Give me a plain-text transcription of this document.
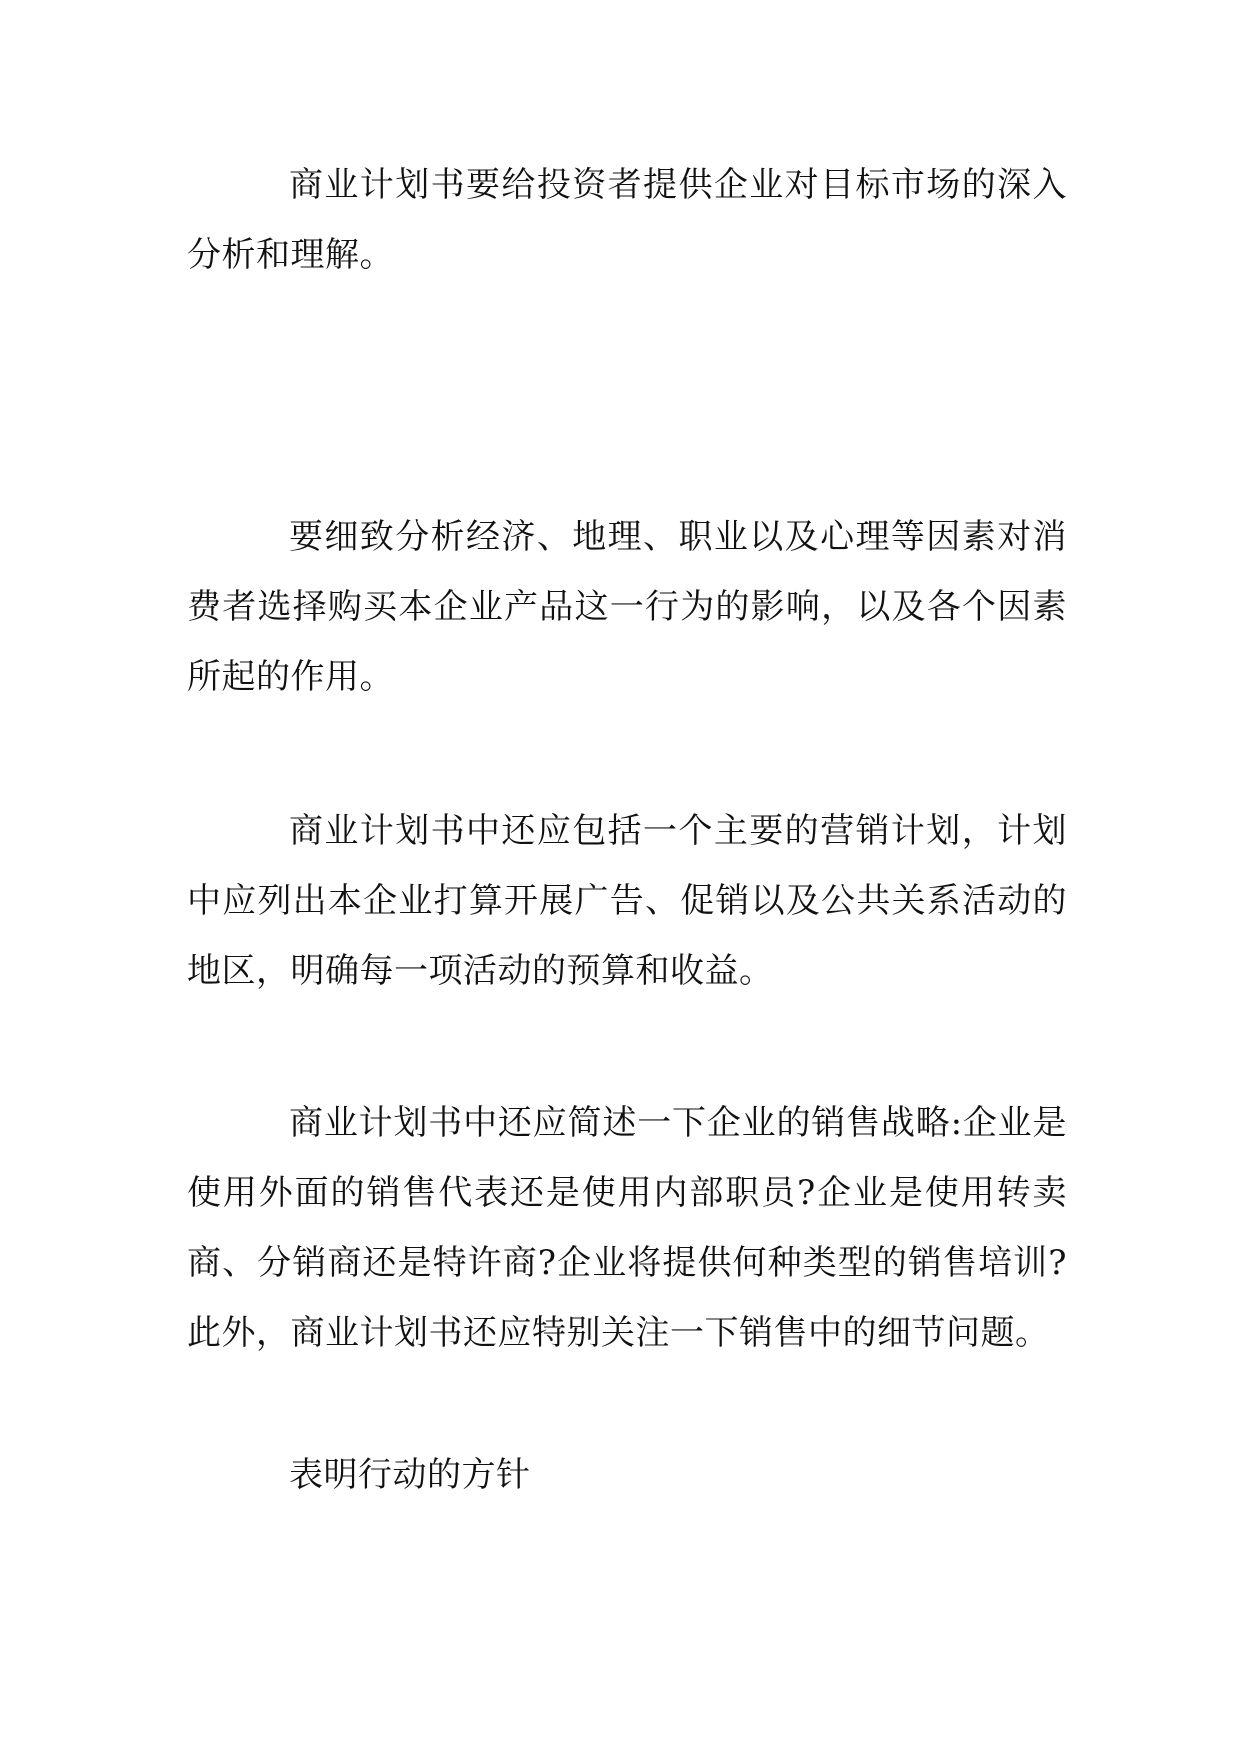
商业计划书要给投资者提供企业对目标市场的深入分析和理解。

要细致分析经济、地理、职业以及心理等因素对消费者选择购买本企业产品这一行为的影响，以及各个因素所起的作用。

商业计划书中还应包括一个主要的营销计划，计划中应列出本企业打算开展广告、促销以及公共关系活动的地区，明确每一项活动的预算和收益。

商业计划书中还应简述一下企业的销售战略:企业是使用外面的销售代表还是使用内部职员?企业是使用转卖商、分销商还是特许商?企业将提供何种类型的销售培训?此外，商业计划书还应特别关注一下销售中的细节问题。

表明行动的方针
